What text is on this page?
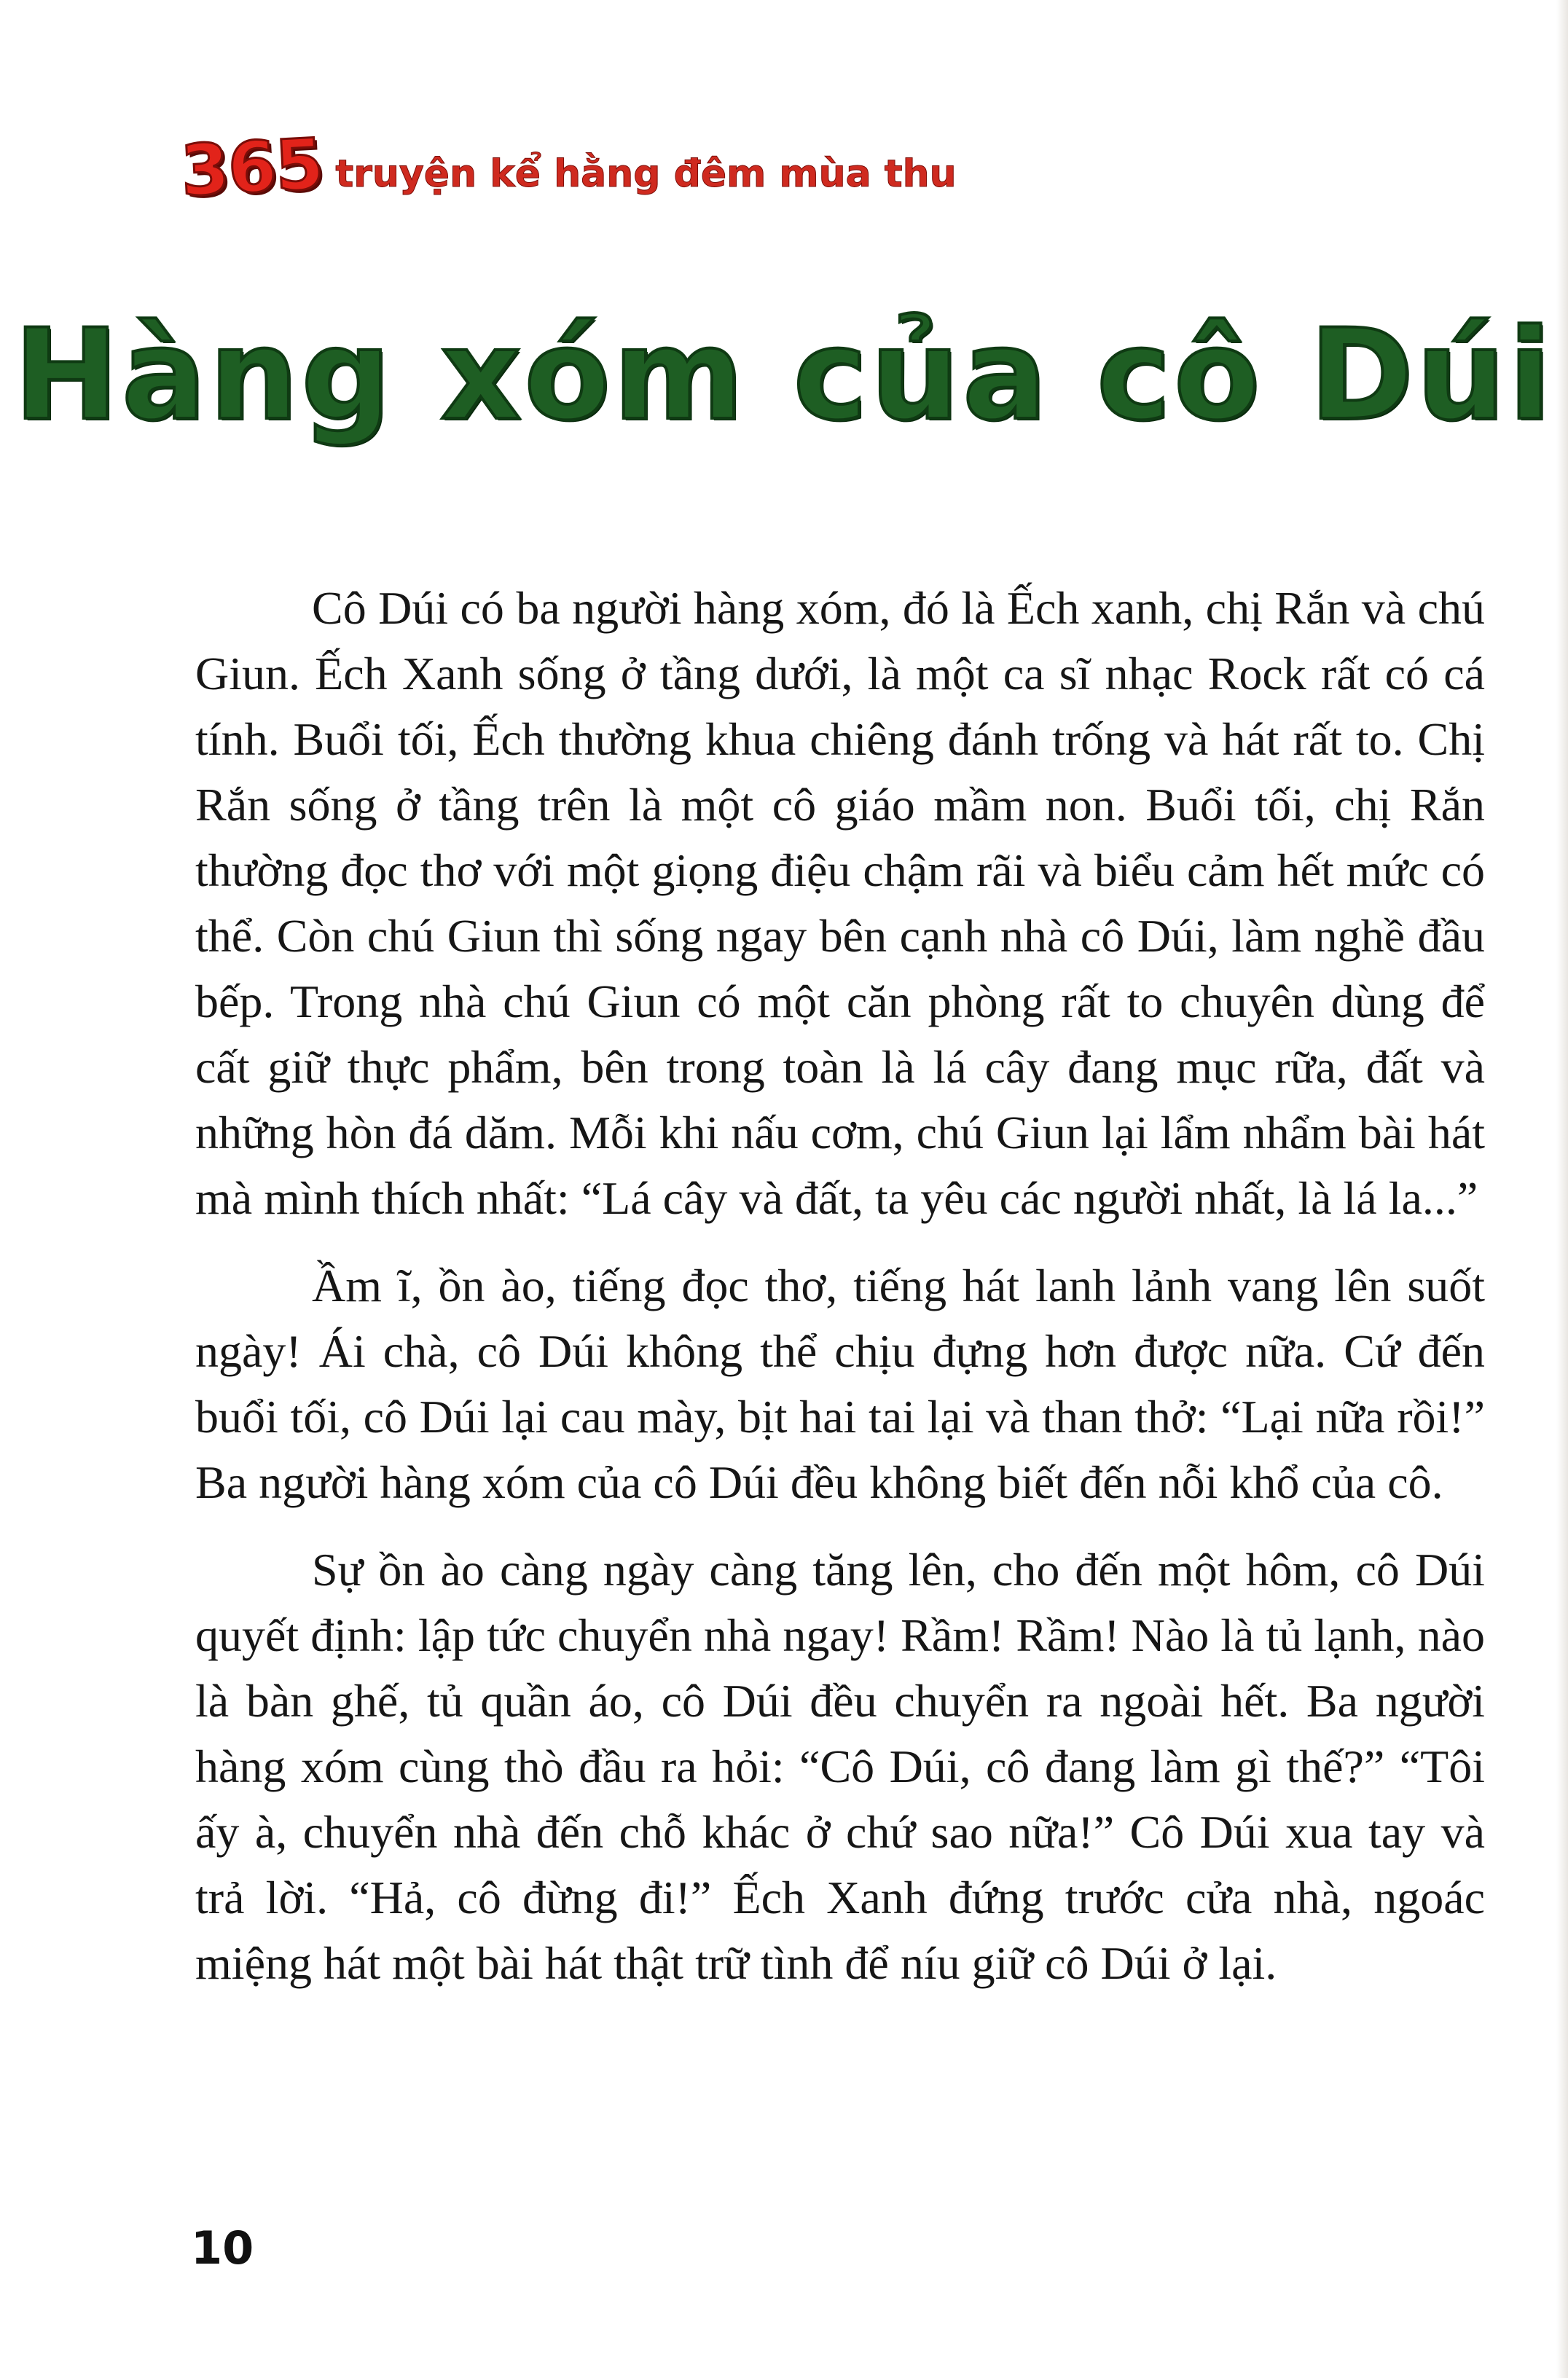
365 truyện kể hằng đêm mùa thu
Hàng xóm của cô Dúi

Cô Dúi có ba người hàng xóm, đó là Ếch xanh, chị Rắn và chú Giun. Ếch Xanh sống ở tầng dưới, là một ca sĩ nhạc Rock rất có cá tính. Buổi tối, Ếch thường khua chiêng đánh trống và hát rất to. Chị Rắn sống ở tầng trên là một cô giáo mầm non. Buổi tối, chị Rắn thường đọc thơ với một giọng điệu chậm rãi và biểu cảm hết mức có thể. Còn chú Giun thì sống ngay bên cạnh nhà cô Dúi, làm nghề đầu bếp. Trong nhà chú Giun có một căn phòng rất to chuyên dùng để cất giữ thực phẩm, bên trong toàn là lá cây đang mục rữa, đất và những hòn đá dăm. Mỗi khi nấu cơm, chú Giun lại lẩm nhẩm bài hát mà mình thích nhất: “Lá cây và đất, ta yêu các người nhất, là lá la...”

Ầm ĩ, ồn ào, tiếng đọc thơ, tiếng hát lanh lảnh vang lên suốt ngày! Ái chà, cô Dúi không thể chịu đựng hơn được nữa. Cứ đến buổi tối, cô Dúi lại cau mày, bịt hai tai lại và than thở: “Lại nữa rồi!” Ba người hàng xóm của cô Dúi đều không biết đến nỗi khổ của cô.

Sự ồn ào càng ngày càng tăng lên, cho đến một hôm, cô Dúi quyết định: lập tức chuyển nhà ngay! Rầm! Rầm! Nào là tủ lạnh, nào là bàn ghế, tủ quần áo, cô Dúi đều chuyển ra ngoài hết. Ba người hàng xóm cùng thò đầu ra hỏi: “Cô Dúi, cô đang làm gì thế?” “Tôi ấy à, chuyển nhà đến chỗ khác ở chứ sao nữa!” Cô Dúi xua tay và trả lời. “Hả, cô đừng đi!” Ếch Xanh đứng trước cửa nhà, ngoác miệng hát một bài hát thật trữ tình để níu giữ cô Dúi ở lại.

10
